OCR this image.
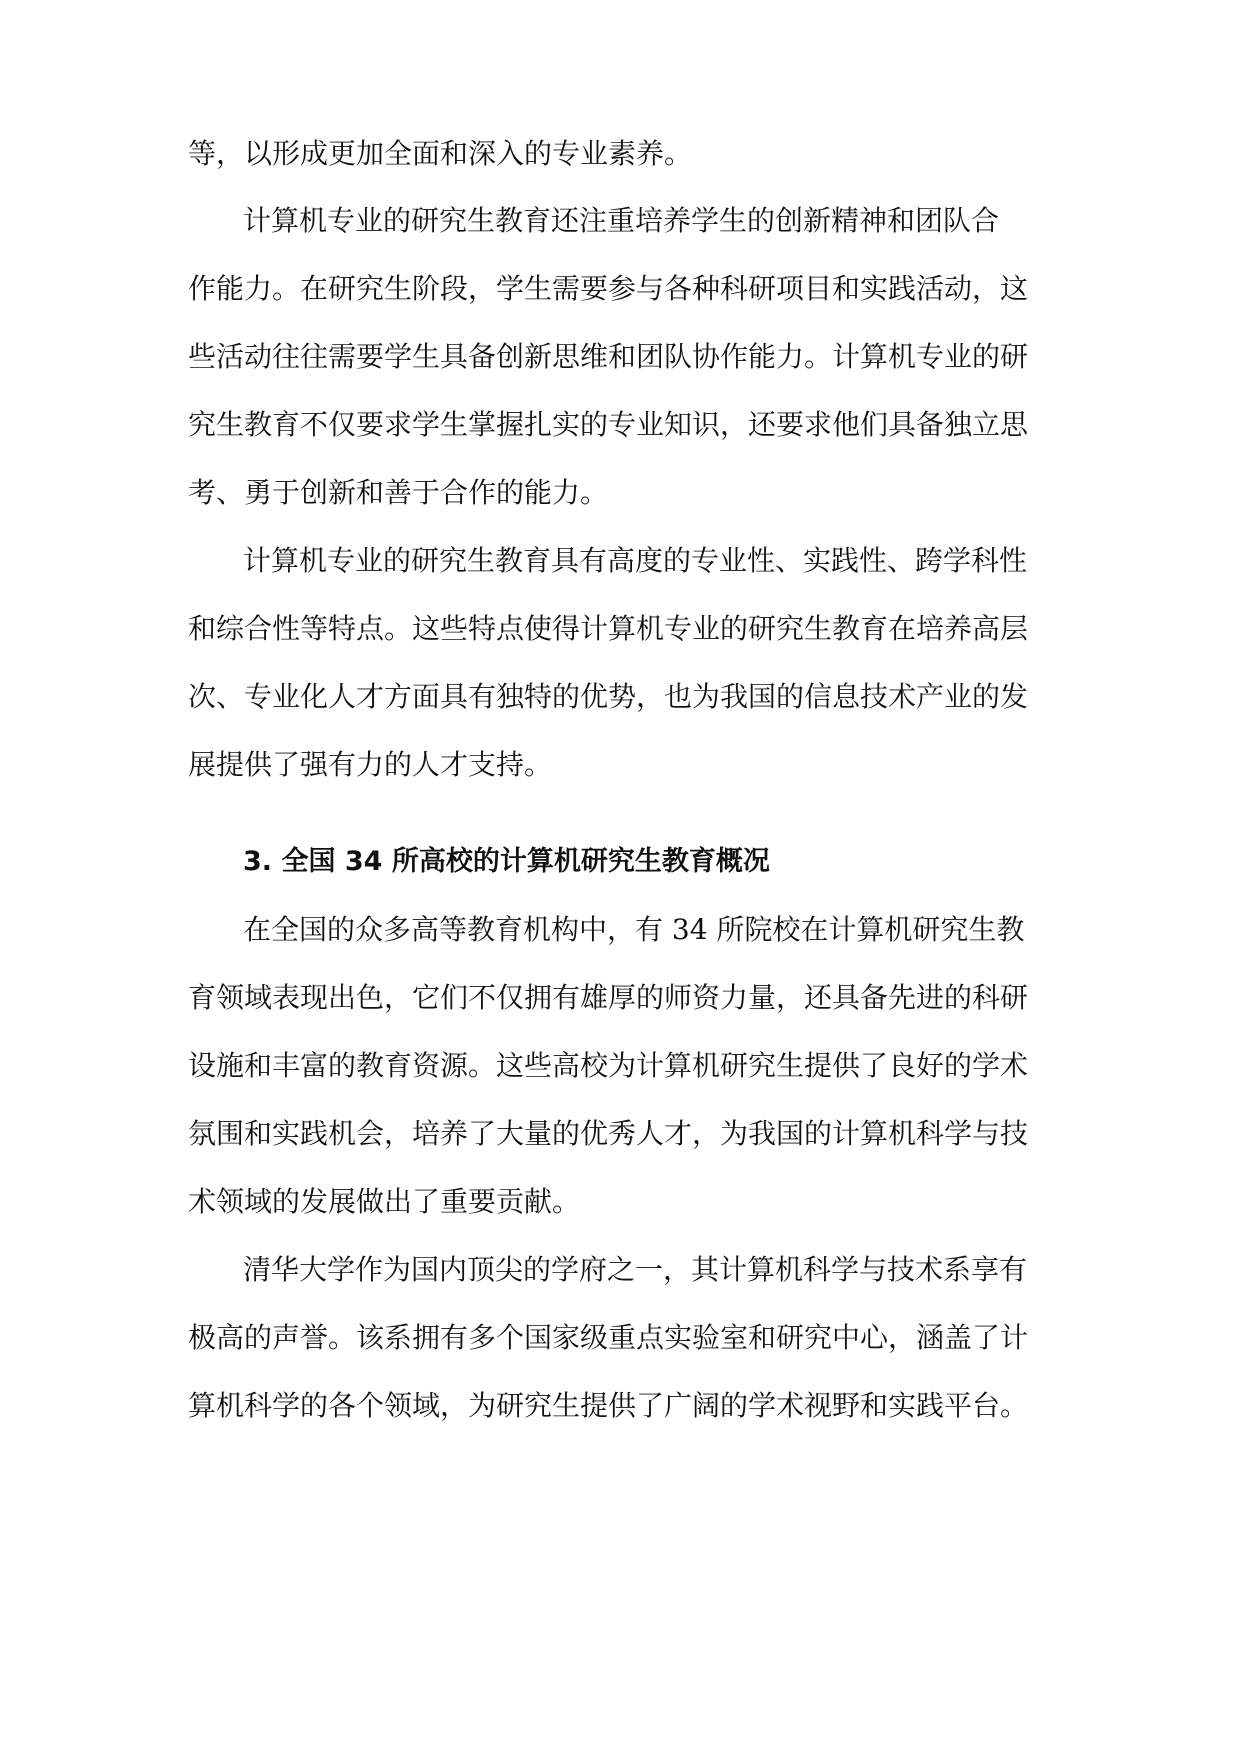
等，以形成更加全面和深入的专业素养。
计算机专业的研究生教育还注重培养学生的创新精神和团队合
作能力。在研究生阶段，学生需要参与各种科研项目和实践活动，这
些活动往往需要学生具备创新思维和团队协作能力。计算机专业的研
究生教育不仅要求学生掌握扎实的专业知识，还要求他们具备独立思
考、勇于创新和善于合作的能力。
计算机专业的研究生教育具有高度的专业性、实践性、跨学科性
和综合性等特点。这些特点使得计算机专业的研究生教育在培养高层
次、专业化人才方面具有独特的优势，也为我国的信息技术产业的发
展提供了强有力的人才支持。
3. 全国 34 所高校的计算机研究生教育概况
在全国的众多高等教育机构中，有 34 所院校在计算机研究生教
育领域表现出色，它们不仅拥有雄厚的师资力量，还具备先进的科研
设施和丰富的教育资源。这些高校为计算机研究生提供了良好的学术
氛围和实践机会，培养了大量的优秀人才，为我国的计算机科学与技
术领域的发展做出了重要贡献。
清华大学作为国内顶尖的学府之一，其计算机科学与技术系享有
极高的声誉。该系拥有多个国家级重点实验室和研究中心，涵盖了计
算机科学的各个领域，为研究生提供了广阔的学术视野和实践平台。
